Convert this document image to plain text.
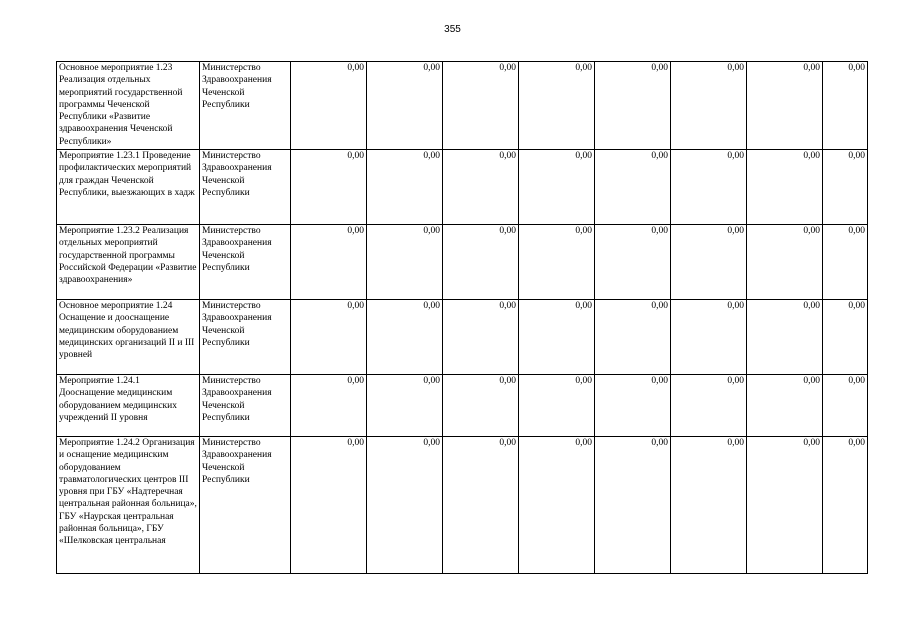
355
Основное мероприятие 1.23 Реализация отдельных мероприятий государственной программы Чеченской Республики «Развитие здравоохранения Чеченской Республики»	Министерство Здравоохранения Чеченской Республики	0,00	0,00	0,00	0,00	0,00	0,00	0,00	0,00
Мероприятие 1.23.1 Проведение профилактических мероприятий для граждан Чеченской Республики, выезжающих в хадж	Министерство Здравоохранения Чеченской Республики	0,00	0,00	0,00	0,00	0,00	0,00	0,00	0,00
Мероприятие 1.23.2 Реализация отдельных мероприятий государственной программы Российской Федерации «Развитие здравоохранения»	Министерство Здравоохранения Чеченской Республики	0,00	0,00	0,00	0,00	0,00	0,00	0,00	0,00
Основное мероприятие 1.24 Оснащение и дооснащение медицинским оборудованием медицинских организаций II и III уровней	Министерство Здравоохранения Чеченской Республики	0,00	0,00	0,00	0,00	0,00	0,00	0,00	0,00
Мероприятие 1.24.1 Дооснащение медицинским оборудованием медицинских учреждений II уровня	Министерство Здравоохранения Чеченской Республики	0,00	0,00	0,00	0,00	0,00	0,00	0,00	0,00
Мероприятие 1.24.2 Организация и оснащение медицинским оборудованием травматологических центров III уровня при ГБУ «Надтеречная центральная районная больница», ГБУ «Наурская центральная районная больница», ГБУ «Шелковская центральная	Министерство Здравоохранения Чеченской Республики	0,00	0,00	0,00	0,00	0,00	0,00	0,00	0,00
